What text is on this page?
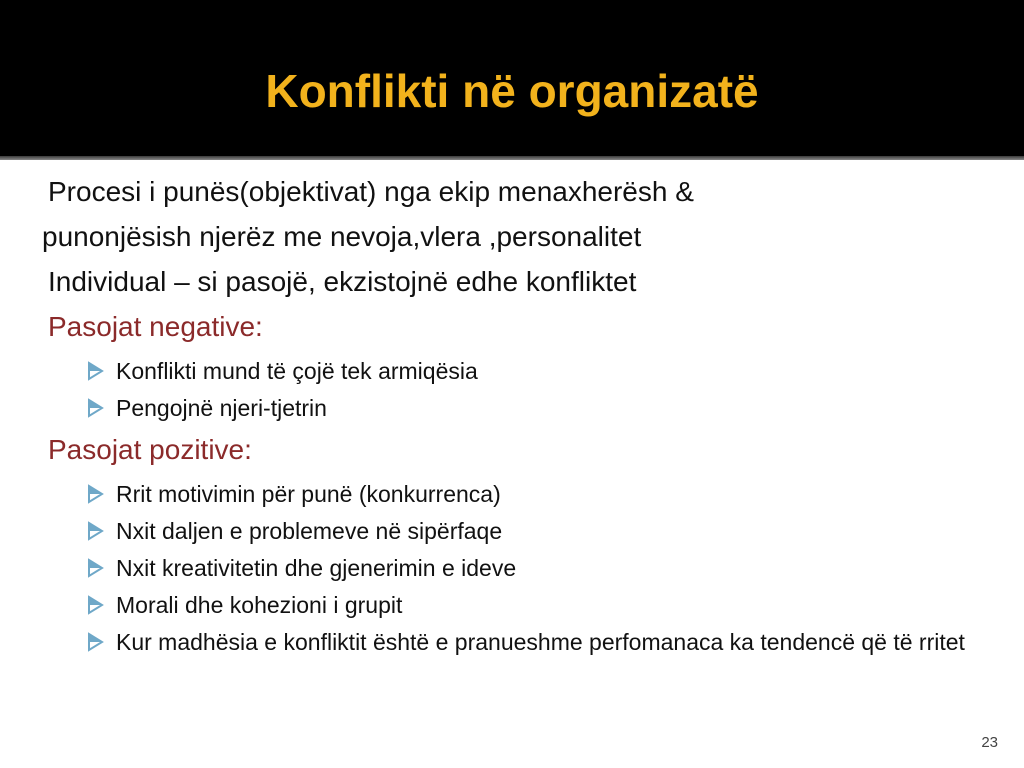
Konflikti në organizatë

Procesi i punës(objektivat) nga ekip menaxherësh &

punonjësish njerëz me nevoja,vlera ,personalitet

Individual – si pasojë, ekzistojnë edhe konfliktet

Pasojat negative:

Konflikti mund të çojë tek armiqësia
Pengojnë njeri-tjetrin

Pasojat pozitive:

Rrit motivimin për punë (konkurrenca)
Nxit daljen e problemeve në sipërfaqe
Nxit kreativitetin dhe gjenerimin e ideve
Morali dhe kohezioni i grupit
Kur madhësia e konfliktit është e pranueshme perfomanaca ka tendencë që të rritet
23
